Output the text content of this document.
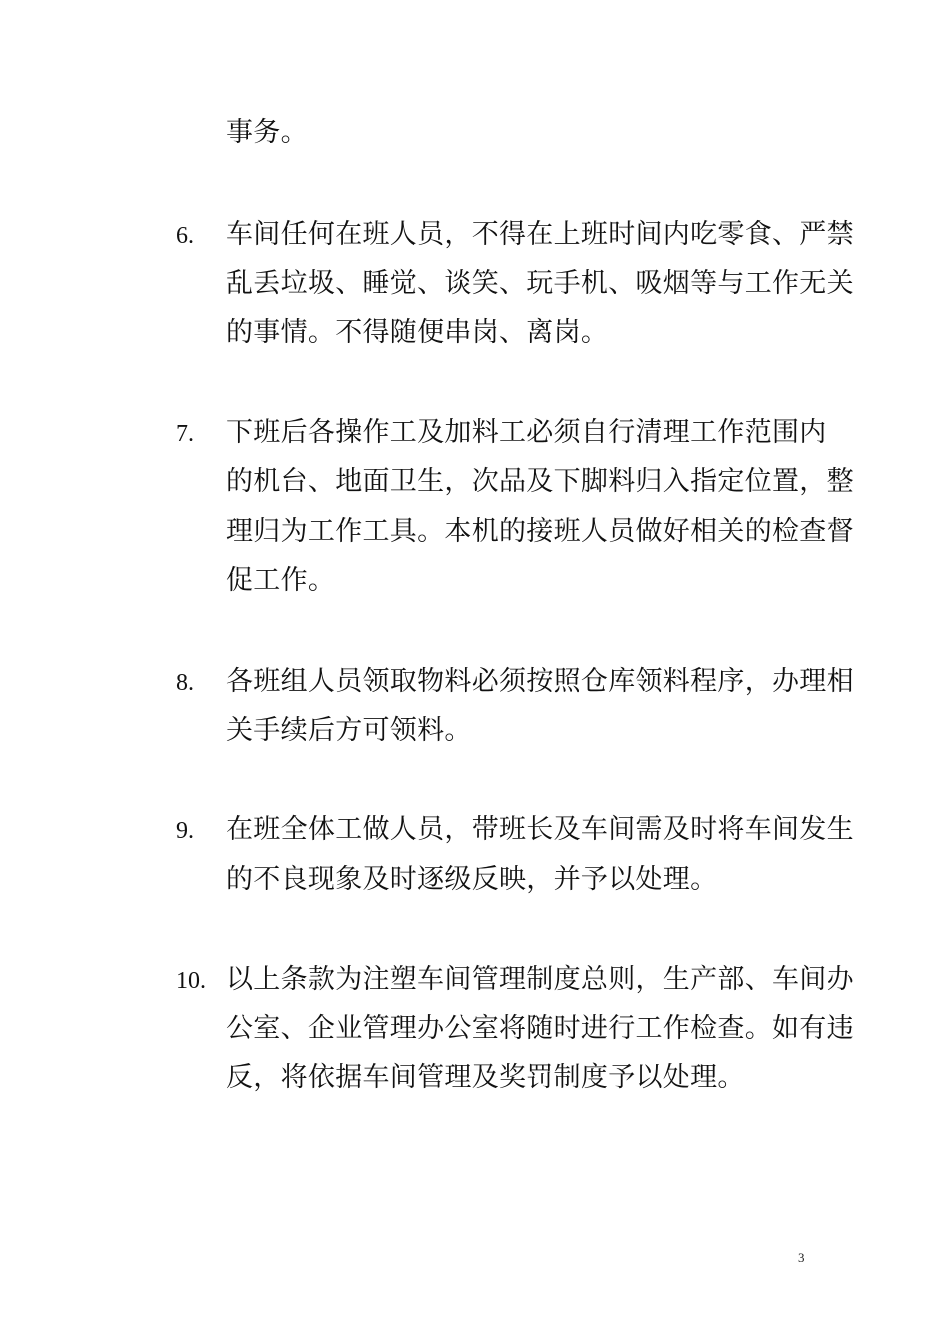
事务。
6. 车间任何在班人员，不得在上班时间内吃零食、严禁
乱丢垃圾、睡觉、谈笑、玩手机、吸烟等与工作无关
的事情。不得随便串岗、离岗。
7. 下班后各操作工及加料工必须自行清理工作范围内
的机台、地面卫生，次品及下脚料归入指定位置，整
理归为工作工具。本机的接班人员做好相关的检查督
促工作。
8. 各班组人员领取物料必须按照仓库领料程序，办理相
关手续后方可领料。
9. 在班全体工做人员，带班长及车间需及时将车间发生
的不良现象及时逐级反映，并予以处理。
10. 以上条款为注塑车间管理制度总则，生产部、车间办
公室、企业管理办公室将随时进行工作检查。如有违
反，将依据车间管理及奖罚制度予以处理。
3
